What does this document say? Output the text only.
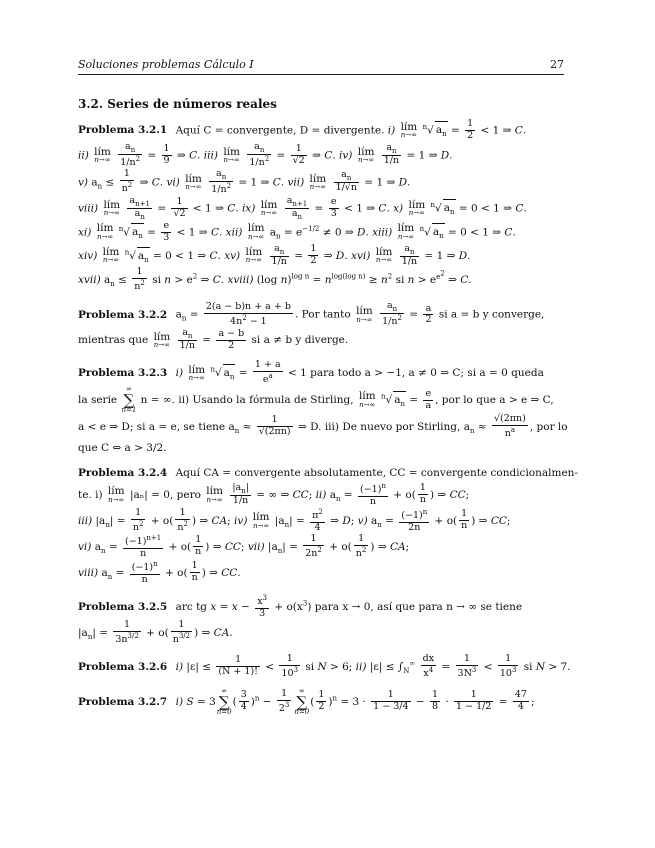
Soluciones problemas Cálculo I	27
3.2. Series de números reales
Problema 3.2.1 Aquí C = convergente, D = divergente. i) lím
n→∞
$^n$√ $a_n = \frac{1}{2} < 1$ ⇒ C.
ii) lím
n→∞
$\frac{a_n}{1/n^2} = \frac{1}{9}$ ⇒ C. iii) lím
n→∞
$\frac{a_n}{1/n^2} = \frac{1}{√2}$ ⇒ C. iv) lím
n→∞
$\frac{a_n}{1/n} = 1$ ⇒ D.
v) $a_n \le \frac{1}{n^2}$ ⇒ C. vi) lím
n→∞
$\frac{a_n}{1/n^2} = 1$ ⇒ C. vii) lím
n→∞
$\frac{a_n}{1/√n} = 1$ ⇒ D.
viii) lím
n→∞
$\frac{a_{n+1}}{a_n} = \frac{1}{√2} < 1$ ⇒ C. ix) lím
n→∞
$\frac{a_{n+1}}{a_n} = \frac{e}{3} < 1$ ⇒ C. x) lím
n→∞
$^n$√ $a_n = 0 < 1$ ⇒ C.
xi) lím
n→∞
$^n$√ $a_n = \frac{e}{3} < 1$ ⇒ C. xii) lím
n→∞ $a_n = e^{-1/2} \ne 0$ ⇒ D. xiii) lím
n→∞
$^n$√ $a_n = 0 < 1$ ⇒ C.
xiv) lím
n→∞
$^n$√ $a_n = 0 < 1$ ⇒ C. xv) lím
n→∞
$\frac{a_n}{1/n} = \frac{1}{2}$ ⇒ D. xvi) lím
n→∞
$\frac{a_n}{1/n} = 1$ ⇒ D.
xvii) $a_n \le \frac{1}{n^2}$ si $n > e^2$ ⇒ C. xviii) (log $n)^{log n} = n^{log(log n)} \ge n^2$ si $n > e^{e^2}$ ⇒ C.
Problema 3.2.2 $a_n = \frac{2(a - b)n + a + b}{4n^2 - 1}$ . Por tanto lím
n→∞
$\frac{a_n}{1/n^2} = \frac{a}{2}$ si a = b y converge,
mientras que lím
n→∞
$\frac{a_n}{1/n} = \frac{a - b}{2}$ si a ≠ b y diverge.
Problema 3.2.3 i) lím
n→∞
$^n$√ $a_n = \frac{1 + a}{e^a} < 1$ para todo a > −1, a ≠ 0 ⇒ C; si a = 0 queda
la serie
∞
∑
n=1
n = ∞. ii) Usando la fórmula de Stirling, lím
n→∞
$^n$√ $a_n = \frac{e}{a}$ , por lo que a > e ⇒ C,
a < e ⇒ D; si a = e, se tiene $a_n \approx \frac{1}{√(2\pi n)}$ ⇒ D. iii) De nuevo por Stirling, $a_n \approx \frac{√(2\pi n)}{n^a}$ , por lo
que C ⇔ a > 3/2.
Problema 3.2.4 Aquí CA = convergente absolutamente, CC = convergente condicionalmen-
te. i) lím
n→∞ |aₙ| = 0, pero lím
n→∞
$\frac{|a_n|}{1/n}$ = ∞ ⇒ CC; ii) $a_n = \frac{(-1)^n}{n} + o( \frac{1}{n}$ ) ⇒ CC;
iii) $|a_n| = \frac{1}{n^2} + o( \frac{1}{n^2}$ ) ⇒ CA; iv) lím
n→∞ $|a_n| = \frac{\pi^2}{4}$ ⇒ D; v) $a_n = \frac{(-1)^n}{2n} + o( \frac{1}{n}$ ) ⇒ CC;
vi) $a_n = \frac{(-1)^{n+1}}{n} + o( \frac{1}{n}$ ) ⇒ CC; vii) $|a_n| = \frac{1}{2n^2} + o( \frac{1}{n^2}$ ) ⇒ CA;
viii) $a_n = \frac{(-1)^n}{n} + o( \frac{1}{n}$ ) ⇒ CC.
Problema 3.2.5 arc tg $x = x - \frac{x^3}{3} + o(x^3)$ para x → 0, así que para n → ∞ se tiene
$|a_n| = \frac{1}{3n^{3/2}} + o( \frac{1}{n^{3/2}}$ ) ⇒ CA.
Problema 3.2.6 i) $|\varepsilon| \le \frac{1}{(N + 1)!} < \frac{1}{10^3}$ si N > 6; ii) $|\varepsilon| \le \int_N^\infty \frac{dx}{x^4} = \frac{1}{3N^3} < \frac{1}{10^3}$ si N > 7.
Problema 3.2.7 i) S = 3
∞
∑
n=0
( $\frac{3}{4} )^n - \frac{1}{2^3}$	∞
∑
n=0
( $\frac{1}{2} )^n = 3 \cdot \frac{1}{1 - 3/4} - \frac{1}{8} \cdot \frac{1}{1 - 1/2} = \frac{47}{4}$ ;
